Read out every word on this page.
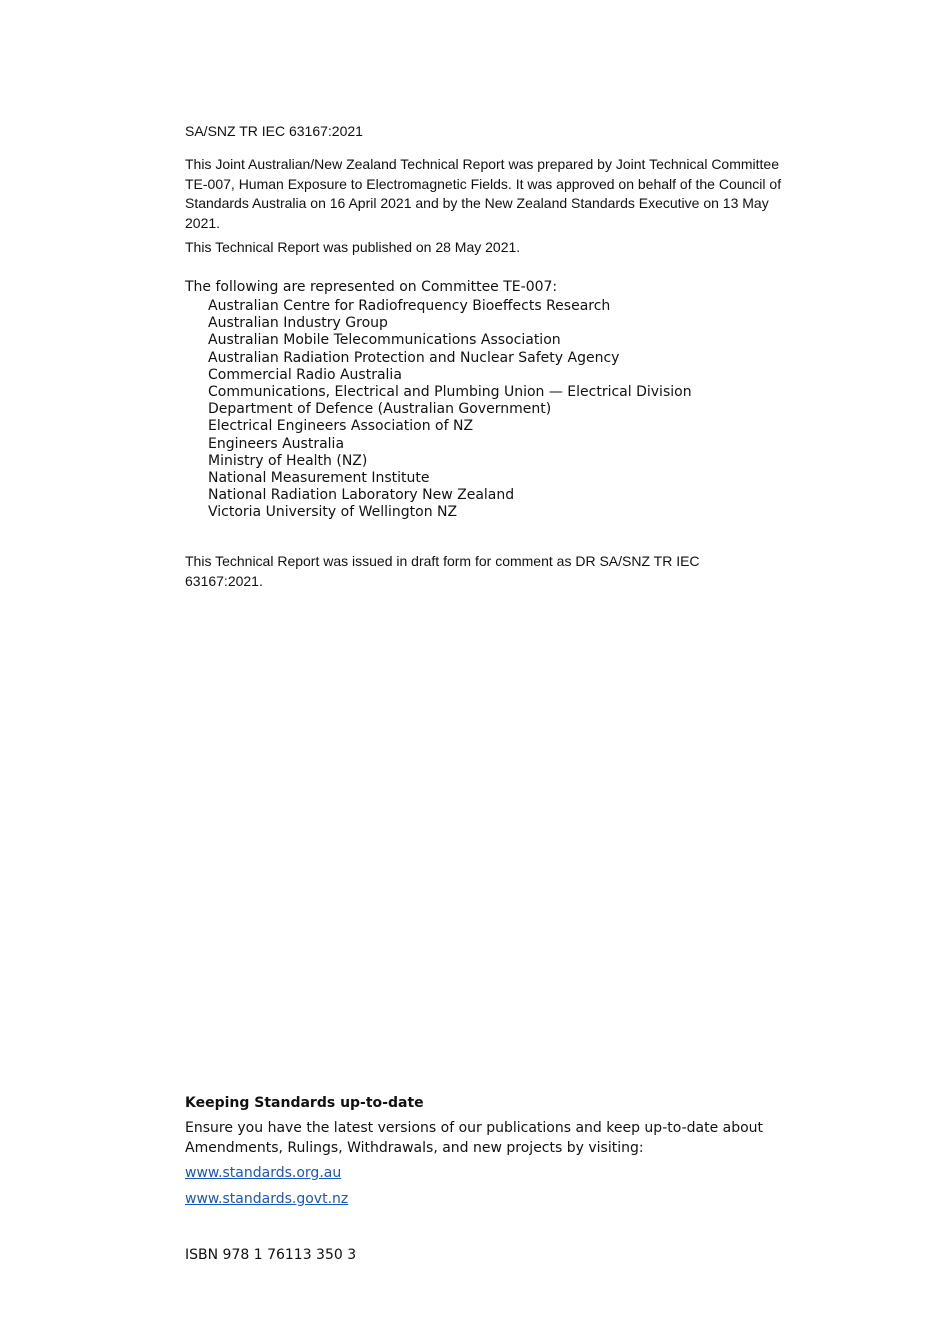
SA/SNZ TR IEC 63167:2021

This Joint Australian/New Zealand Technical Report was prepared by Joint Technical Committee TE-007, Human Exposure to Electromagnetic Fields. It was approved on behalf of the Council of Standards Australia on 16 April 2021 and by the New Zealand Standards Executive on 13 May 2021.

This Technical Report was published on 28 May 2021.

The following are represented on Committee TE-007:

Australian Centre for Radiofrequency Bioeffects Research
Australian Industry Group
Australian Mobile Telecommunications Association
Australian Radiation Protection and Nuclear Safety Agency
Commercial Radio Australia
Communications, Electrical and Plumbing Union — Electrical Division
Department of Defence (Australian Government)
Electrical Engineers Association of NZ
Engineers Australia
Ministry of Health (NZ)
National Measurement Institute
National Radiation Laboratory New Zealand
Victoria University of Wellington NZ

This Technical Report was issued in draft form for comment as DR SA/SNZ TR IEC 63167:2021.

Keeping Standards up-to-date

Ensure you have the latest versions of our publications and keep up-to-date about Amendments, Rulings, Withdrawals, and new projects by visiting:

www.standards.org.au
www.standards.govt.nz

ISBN 978 1 76113 350 3
